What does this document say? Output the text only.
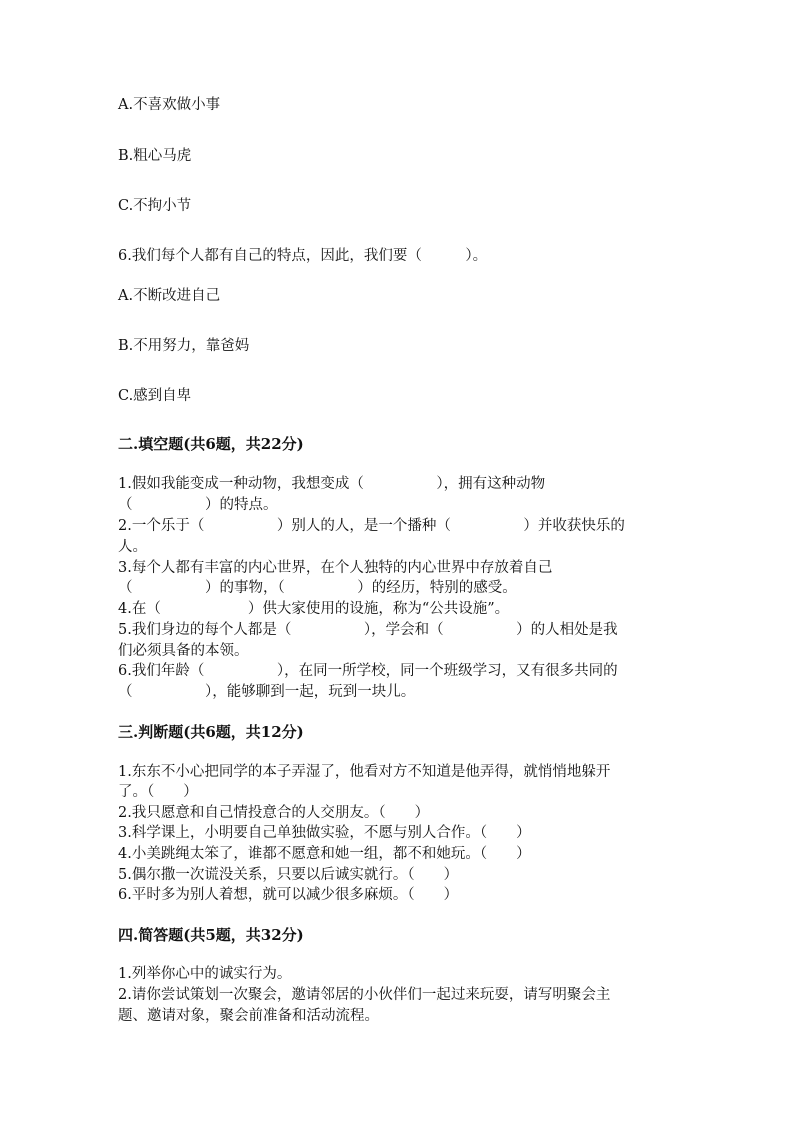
A.不喜欢做小事
B.粗心马虎
C.不拘小节
6.我们每个人都有自己的特点，因此，我们要（　　　）。
A.不断改进自己
B.不用努力，靠爸妈
C.感到自卑
二.填空题(共6题，共22分)
1.假如我能变成一种动物，我想变成（　　　　　），拥有这种动物
（　　　　　）的特点。
2.一个乐于（　　　　　）别人的人，是一个播种（　　　　　）并收获快乐的
人。
3.每个人都有丰富的内心世界，在个人独特的内心世界中存放着自己
（　　　　　）的事物，（　　　　　）的经历，特别的感受。
4.在（　　　　　　）供大家使用的设施，称为“公共设施”。
5.我们身边的每个人都是（　　　　　），学会和（　　　　　）的人相处是我
们必须具备的本领。
6.我们年龄（　　　　　），在同一所学校，同一个班级学习，又有很多共同的
（　　　　　），能够聊到一起，玩到一块儿。
三.判断题(共6题，共12分)
1.东东不小心把同学的本子弄湿了，他看对方不知道是他弄得，就悄悄地躲开
了。（　　）
2.我只愿意和自己情投意合的人交朋友。（　　）
3.科学课上，小明要自己单独做实验，不愿与别人合作。（　　）
4.小美跳绳太笨了，谁都不愿意和她一组，都不和她玩。（　　）
5.偶尔撒一次谎没关系，只要以后诚实就行。（　　）
6.平时多为别人着想，就可以减少很多麻烦。（　　）
四.简答题(共5题，共32分)
1.列举你心中的诚实行为。
2.请你尝试策划一次聚会，邀请邻居的小伙伴们一起过来玩耍，请写明聚会主
题、邀请对象，聚会前准备和活动流程。
